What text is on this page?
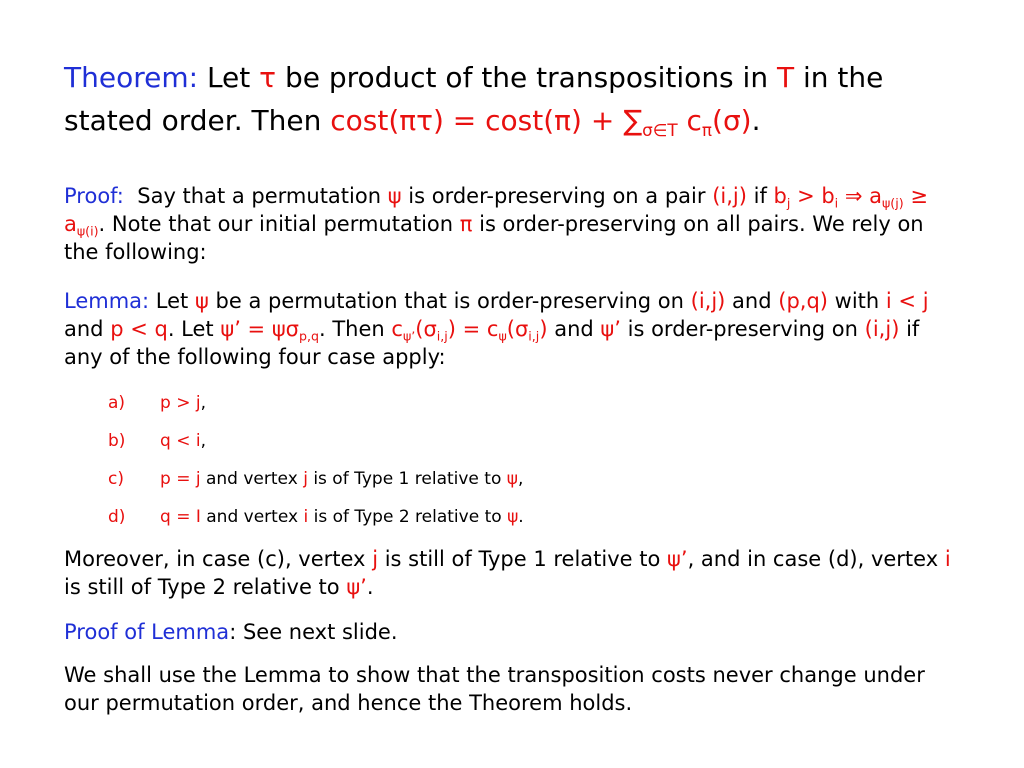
Theorem: Let τ be product of the transpositions in T in the stated order. Then $\cos t(\pi\tau) = \cos t(\pi) + \sum_{\sigma\in T}$ $c_\pi(\sigma)$.

Proof: Say that a permutation ψ is order-preserving on a pair (i,j) if $b_j > b_i$ ⇒ $a_{\psi(j)} \ge a_{\psi(i)}$. Note that our initial permutation π is order-preserving on all pairs. We rely on the following:

Lemma: Let ψ be a permutation that is order-preserving on (i,j) and (p,q) with i < j and p < q. Let ψ’ = $\psi\sigma_{p,q}$. Then $c_{\psi’}(\sigma_{i,j}) = c_\psi(\sigma_{i,j})$ and ψ’ is order-preserving on (i,j) if any of the following four case apply:

a) p > j,
b) q < i,
c) p = j and vertex j is of Type 1 relative to ψ,
d) q = I and vertex i is of Type 2 relative to ψ.

Moreover, in case (c), vertex j is still of Type 1 relative to ψ’, and in case (d), vertex i is still of Type 2 relative to ψ’.

Proof of Lemma: See next slide.

We shall use the Lemma to show that the transposition costs never change under our permutation order, and hence the Theorem holds.
